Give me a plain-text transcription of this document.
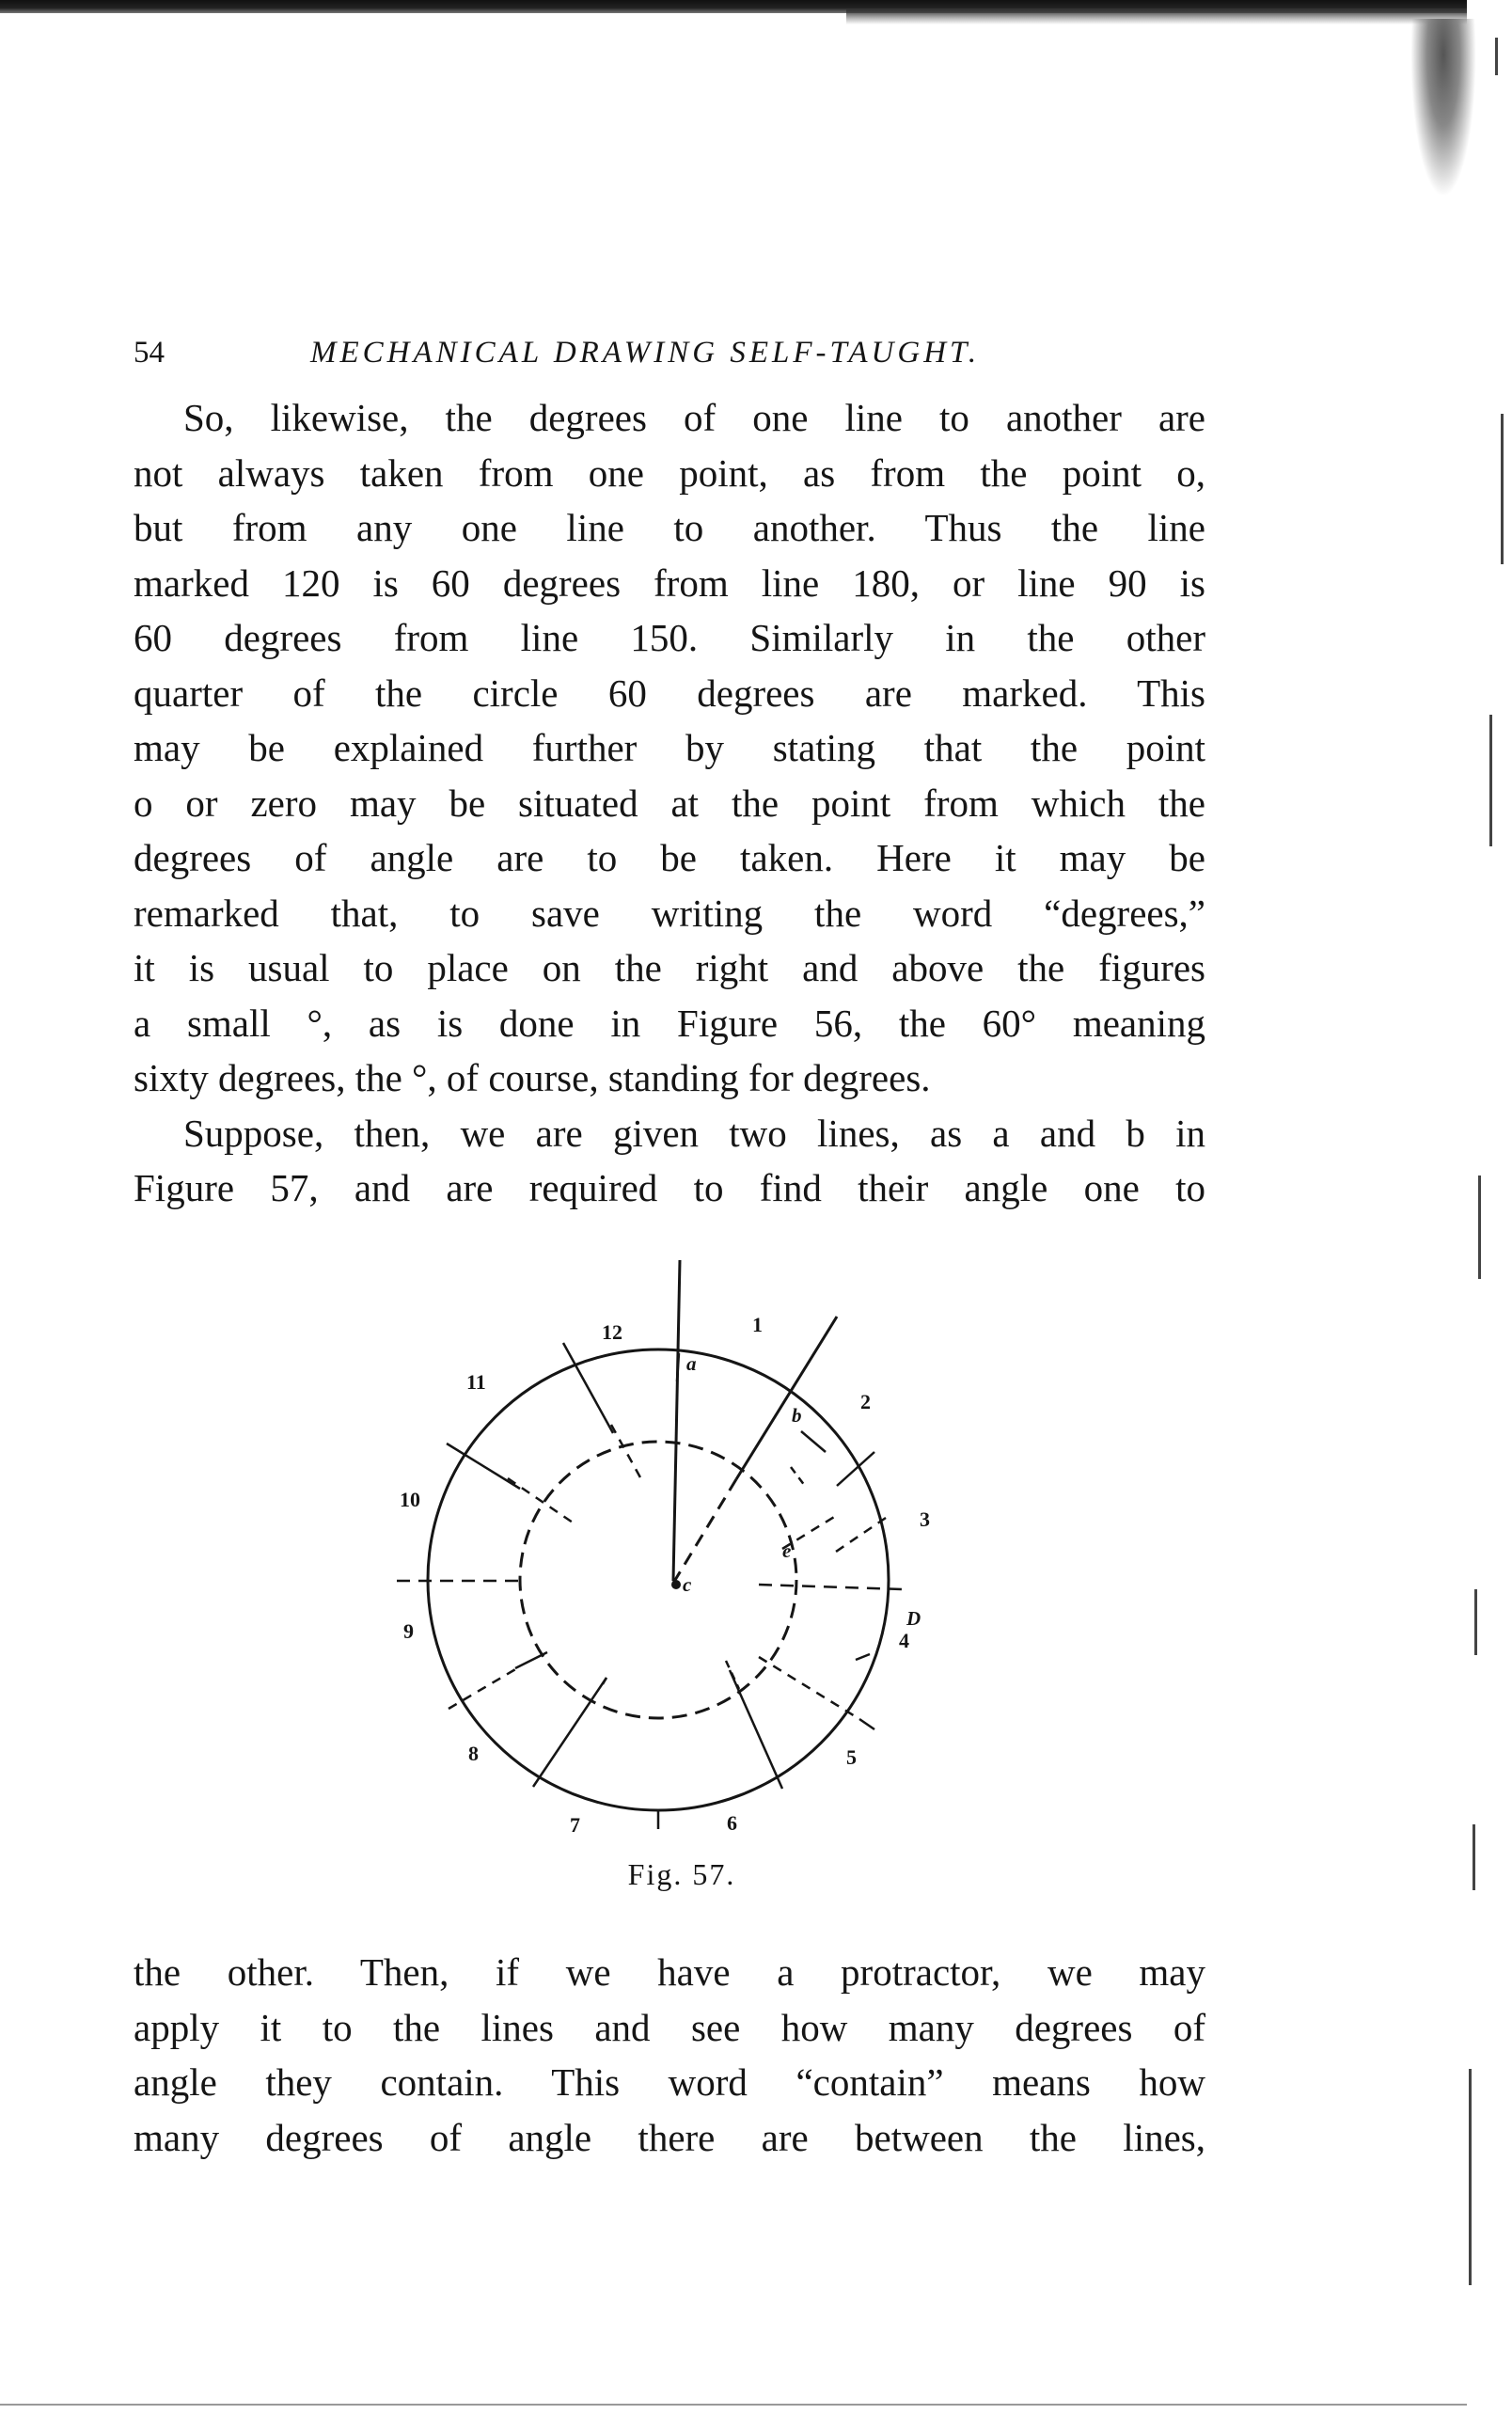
54	MECHANICAL DRAWING SELF-TAUGHT.
So, likewise, the degrees of one line to another are
not always taken from one point, as from the point o,
but from any one line to another. Thus the line
marked 120 is 60 degrees from line 180, or line 90 is
60 degrees from line 150. Similarly in the other
quarter of the circle 60 degrees are marked. This
may be explained further by stating that the point
o or zero may be situated at the point from which the
degrees of angle are to be taken. Here it may be
remarked that, to save writing the word “degrees,”
it is usual to place on the right and above the figures
a small °, as is done in Figure 56, the 60° meaning
sixty degrees, the °, of course, standing for degrees.
Suppose, then, we are given two lines, as a and b in
Figure 57, and are required to find their angle one to
12	1
2
3
4
5
6
7
8
9
10
11
a
b
c
e
D
Fig. 57.
the other. Then, if we have a protractor, we may
apply it to the lines and see how many degrees of
angle they contain. This word “contain” means how
many degrees of angle there are between the lines,
